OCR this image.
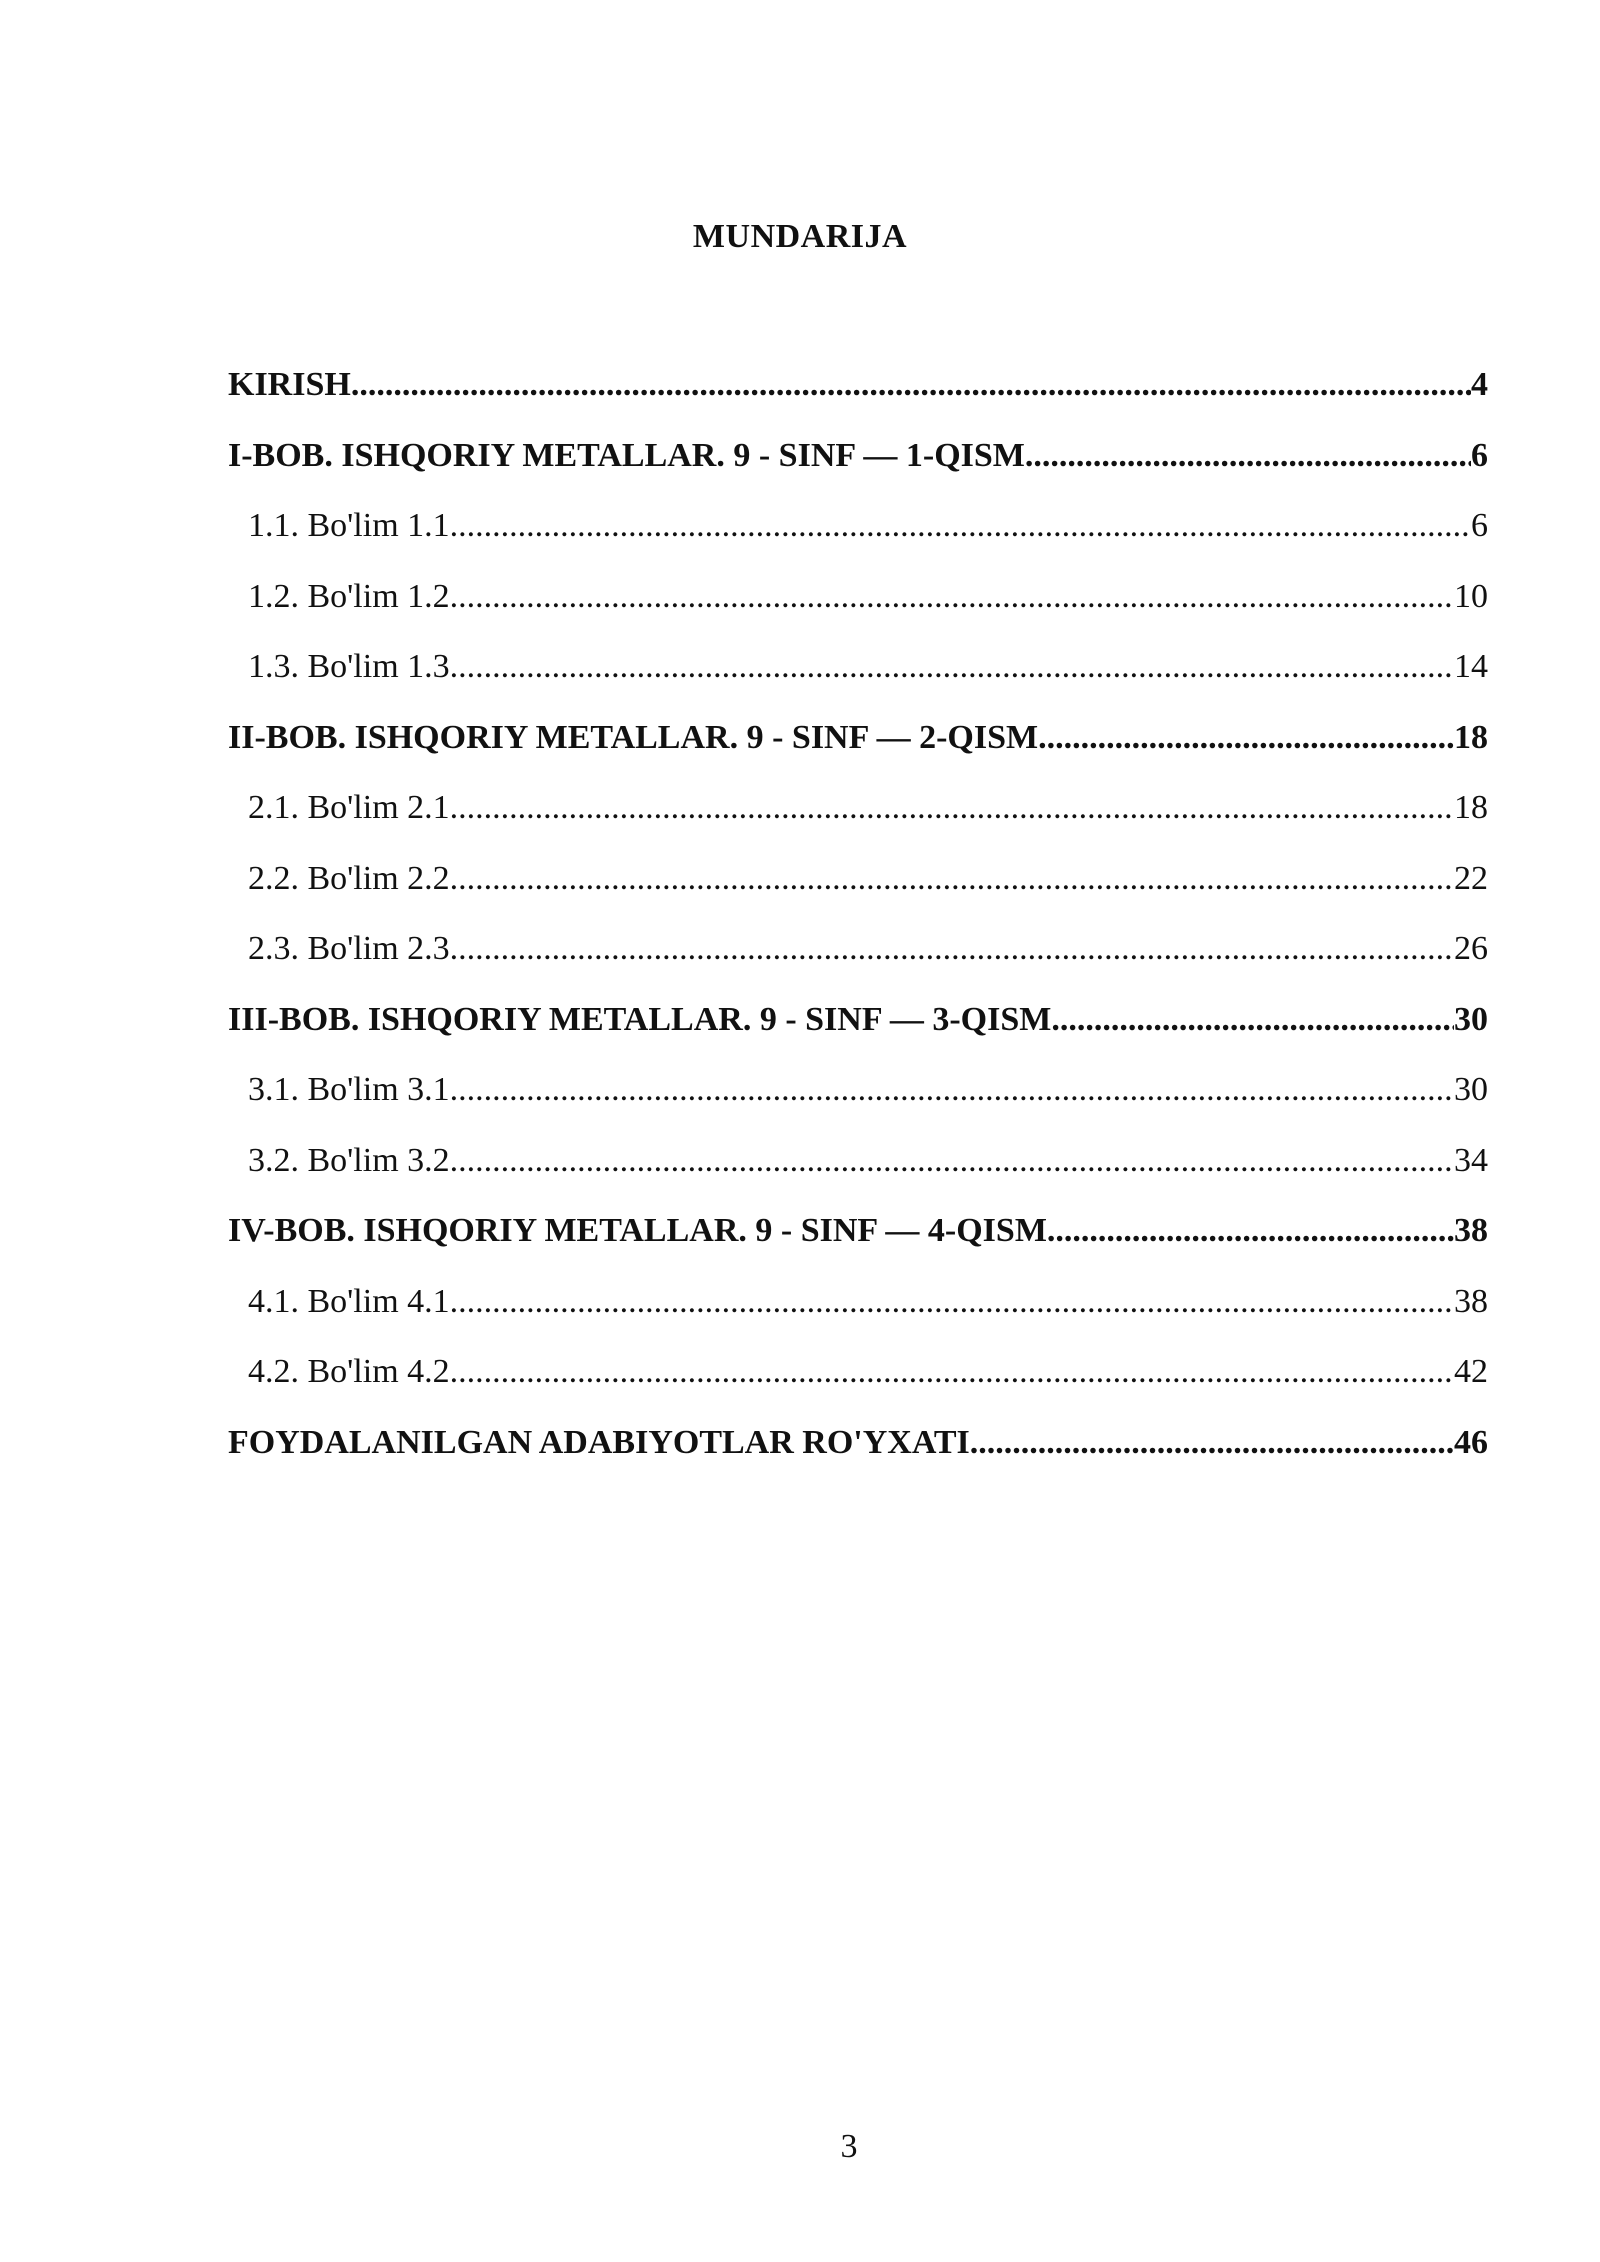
MUNDARIJA
KIRISH .....	4
I-BOB. ISHQORIY METALLAR. 9 - SINF — 1-QISM .....	6
1.1. Bo'lim 1.1 .....	6
1.2. Bo'lim 1.2 .....	10
1.3. Bo'lim 1.3 .....	14
II-BOB. ISHQORIY METALLAR. 9 - SINF — 2-QISM .....	18
2.1. Bo'lim 2.1 .....	18
2.2. Bo'lim 2.2 .....	22
2.3. Bo'lim 2.3 .....	26
III-BOB. ISHQORIY METALLAR. 9 - SINF — 3-QISM .....	30
3.1. Bo'lim 3.1 .....	30
3.2. Bo'lim 3.2 .....	34
IV-BOB. ISHQORIY METALLAR. 9 - SINF — 4-QISM .....	38
4.1. Bo'lim 4.1 .....	38
4.2. Bo'lim 4.2 .....	42
FOYDALANILGAN ADABIYOTLAR RO'YXATI .....	46
3
